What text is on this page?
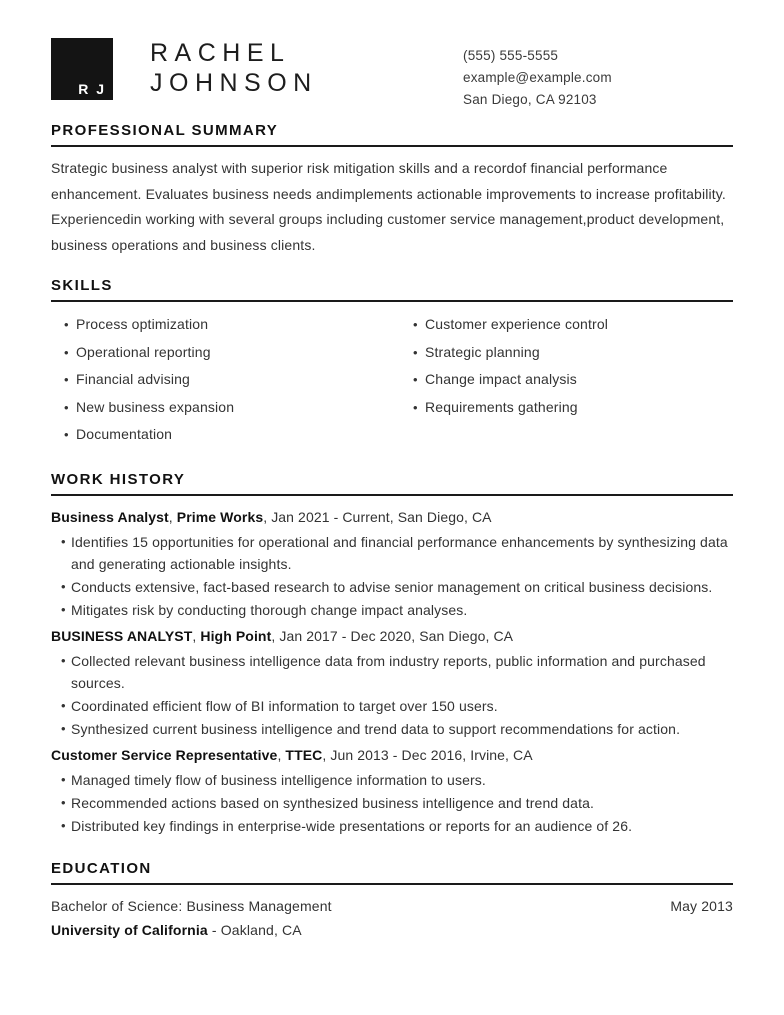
R J
RACHEL
JOHNSON
(555) 555-5555
example@example.com
San Diego, CA 92103
PROFESSIONAL SUMMARY
Strategic business analyst with superior risk mitigation skills and a recordof financial performance enhancement. Evaluates business needs andimplements actionable improvements to increase profitability. Experiencedin working with several groups including customer service management,product development, business operations and business clients.
SKILLS
• Process optimization
• Operational reporting
• Financial advising
• New business expansion
• Documentation
• Customer experience control
• Strategic planning
• Change impact analysis
• Requirements gathering
WORK HISTORY
Business Analyst, Prime Works, Jan 2021 - Current, San Diego, CA
• Identifies 15 opportunities for operational and financial performance enhancements by synthesizing data and generating actionable insights.
• Conducts extensive, fact-based research to advise senior management on critical business decisions.
• Mitigates risk by conducting thorough change impact analyses.
BUSINESS ANALYST, High Point, Jan 2017 - Dec 2020, San Diego, CA
• Collected relevant business intelligence data from industry reports, public information and purchased sources.
• Coordinated efficient flow of BI information to target over 150 users.
• Synthesized current business intelligence and trend data to support recommendations for action.
Customer Service Representative, TTEC, Jun 2013 - Dec 2016, Irvine, CA
• Managed timely flow of business intelligence information to users.
• Recommended actions based on synthesized business intelligence and trend data.
• Distributed key findings in enterprise-wide presentations or reports for an audience of 26.
EDUCATION
Bachelor of Science: Business Management	May 2013
University of California - Oakland, CA
